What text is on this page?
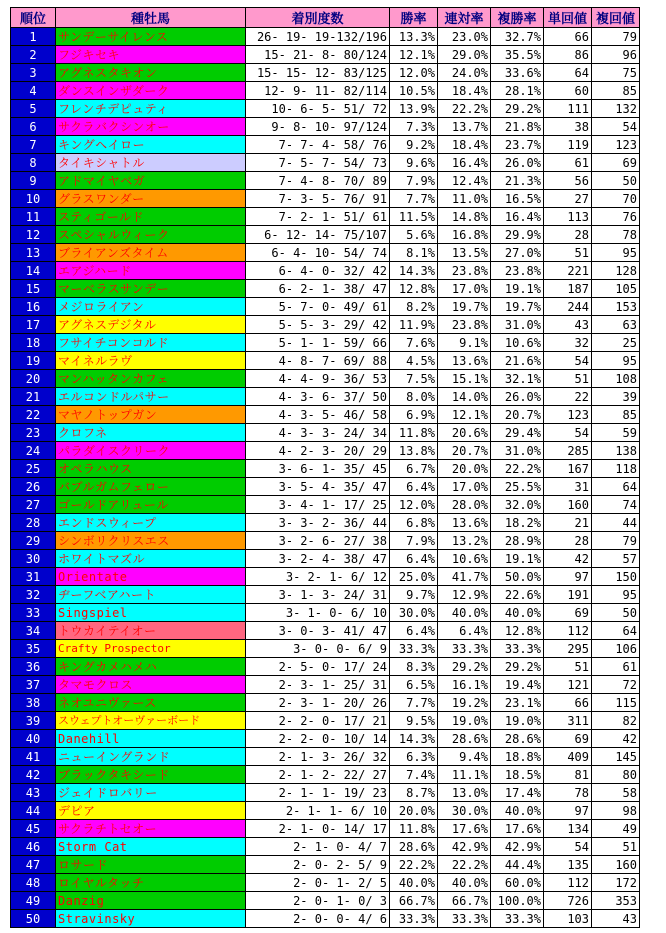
順位	種牡馬	着別度数	勝率	連対率	複勝率	単回値	複回値
1	サンデーサイレンス	26- 19- 19-132/196	13.3%	23.0%	32.7%	66	79
2	フジキセキ	15- 21- 8- 80/124	12.1%	29.0%	35.5%	86	96
3	アグネスタキオン	15- 15- 12- 83/125	12.0%	24.0%	33.6%	64	75
4	ダンスインザダーク	12- 9- 11- 82/114	10.5%	18.4%	28.1%	60	85
5	フレンチデピュティ	10- 6- 5- 51/ 72	13.9%	22.2%	29.2%	111	132
6	サクラバクシンオー	9- 8- 10- 97/124	7.3%	13.7%	21.8%	38	54
7	キングヘイロー	7- 7- 4- 58/ 76	9.2%	18.4%	23.7%	119	123
8	タイキシャトル	7- 5- 7- 54/ 73	9.6%	16.4%	26.0%	61	69
9	アドマイヤベガ	7- 4- 8- 70/ 89	7.9%	12.4%	21.3%	56	50
10	グラスワンダー	7- 3- 5- 76/ 91	7.7%	11.0%	16.5%	27	70
11	スティゴールド	7- 2- 1- 51/ 61	11.5%	14.8%	16.4%	113	76
12	スペシャルウィーク	6- 12- 14- 75/107	5.6%	16.8%	29.9%	28	78
13	ブライアンズタイム	6- 4- 10- 54/ 74	8.1%	13.5%	27.0%	51	95
14	エアジハード	6- 4- 0- 32/ 42	14.3%	23.8%	23.8%	221	128
15	マーベラスサンデー	6- 2- 1- 38/ 47	12.8%	17.0%	19.1%	187	105
16	メジロライアン	5- 7- 0- 49/ 61	8.2%	19.7%	19.7%	244	153
17	アグネスデジタル	5- 5- 3- 29/ 42	11.9%	23.8%	31.0%	43	63
18	フサイチコンコルド	5- 1- 1- 59/ 66	7.6%	9.1%	10.6%	32	25
19	マイネルラヴ	4- 8- 7- 69/ 88	4.5%	13.6%	21.6%	54	95
20	マンハッタンカフェ	4- 4- 9- 36/ 53	7.5%	15.1%	32.1%	51	108
21	エルコンドルパサー	4- 3- 6- 37/ 50	8.0%	14.0%	26.0%	22	39
22	マヤノトップガン	4- 3- 5- 46/ 58	6.9%	12.1%	20.7%	123	85
23	クロフネ	4- 3- 3- 24/ 34	11.8%	20.6%	29.4%	54	59
24	パラダイスクリーク	4- 2- 3- 20/ 29	13.8%	20.7%	31.0%	285	138
25	オペラハウス	3- 6- 1- 35/ 45	6.7%	20.0%	22.2%	167	118
26	バブルガムフェロー	3- 5- 4- 35/ 47	6.4%	17.0%	25.5%	31	64
27	ゴールドアリュール	3- 4- 1- 17/ 25	12.0%	28.0%	32.0%	160	74
28	エンドスウィープ	3- 3- 2- 36/ 44	6.8%	13.6%	18.2%	21	44
29	シンボリクリスエス	3- 2- 6- 27/ 38	7.9%	13.2%	28.9%	28	79
30	ホワイトマズル	3- 2- 4- 38/ 47	6.4%	10.6%	19.1%	42	57
31	Orientate	3- 2- 1- 6/ 12	25.0%	41.7%	50.0%	97	150
32	ヂーフベアハート	3- 1- 3- 24/ 31	9.7%	12.9%	22.6%	191	95
33	Singspiel	3- 1- 0- 6/ 10	30.0%	40.0%	40.0%	69	50
34	トウカイテイオー	3- 0- 3- 41/ 47	6.4%	6.4%	12.8%	112	64
35	Crafty Prospector	3- 0- 0- 6/ 9	33.3%	33.3%	33.3%	295	106
36	キングカメハメハ	2- 5- 0- 17/ 24	8.3%	29.2%	29.2%	51	61
37	タマモクロス	2- 3- 1- 25/ 31	6.5%	16.1%	19.4%	121	72
38	ネオユニヴァース	2- 3- 1- 20/ 26	7.7%	19.2%	23.1%	66	115
39	スウェプトオーヴァーボード	2- 2- 0- 17/ 21	9.5%	19.0%	19.0%	311	82
40	Danehill	2- 2- 0- 10/ 14	14.3%	28.6%	28.6%	69	42
41	ニューイングランド	2- 1- 3- 26/ 32	6.3%	9.4%	18.8%	409	145
42	ブラックタキシード	2- 1- 2- 22/ 27	7.4%	11.1%	18.5%	81	80
43	ジェイドロバリー	2- 1- 1- 19/ 23	8.7%	13.0%	17.4%	78	58
44	デピア	2- 1- 1- 6/ 10	20.0%	30.0%	40.0%	97	98
45	サクラチトセオー	2- 1- 0- 14/ 17	11.8%	17.6%	17.6%	134	49
46	Storm Cat	2- 1- 0- 4/ 7	28.6%	42.9%	42.9%	54	51
47	ロサード	2- 0- 2- 5/ 9	22.2%	22.2%	44.4%	135	160
48	ロイヤルタッチ	2- 0- 1- 2/ 5	40.0%	40.0%	60.0%	112	172
49	Danzig	2- 0- 1- 0/ 3	66.7%	66.7%	100.0%	726	353
50	Stravinsky	2- 0- 0- 4/ 6	33.3%	33.3%	33.3%	103	43
